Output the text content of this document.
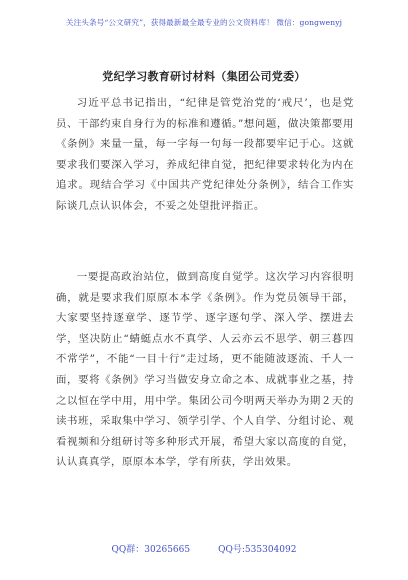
关注头条号“公文研究”，获得最新最全最专业的公文资料库！ 微信：gongwenyj
党纪学习教育研讨材料（集团公司党委）

习近平总书记指出，“纪律是管党治党的‘戒尺’，也是党员、干部约束自身行为的标准和遵循。”想问题，做决策都要用《条例》来量一量，每一字每一句每一段都要牢记于心。这就要求我们要深入学习，养成纪律自觉，把纪律要求转化为内在追求。现结合学习《中国共产党纪律处分条例》，结合工作实际谈几点认识体会，不妥之处望批评指正。

一要提高政治站位，做到高度自觉学。这次学习内容很明确，就是要求我们原原本本学《条例》。作为党员领导干部，大家要坚持逐章学、逐节学、逐字逐句学、深入学、摆进去学，坚决防止“蜻蜓点水不真学、人云亦云不思学、朝三暮四不常学”，不能“一目十行”走过场，更不能随波逐流、千人一面，要将《条例》学习当做安身立命之本、成就事业之基，持之以恒在学中用，用中学。集团公司今明两天举办为期２天的读书班，采取集中学习、领学引学、个人自学、分组讨论、观看视频和分组研讨等多种形式开展，希望大家以高度的自觉，认认真真学，原原本本学，学有所获，学出效果。

QQ群：30265665	QQ号:535304092
